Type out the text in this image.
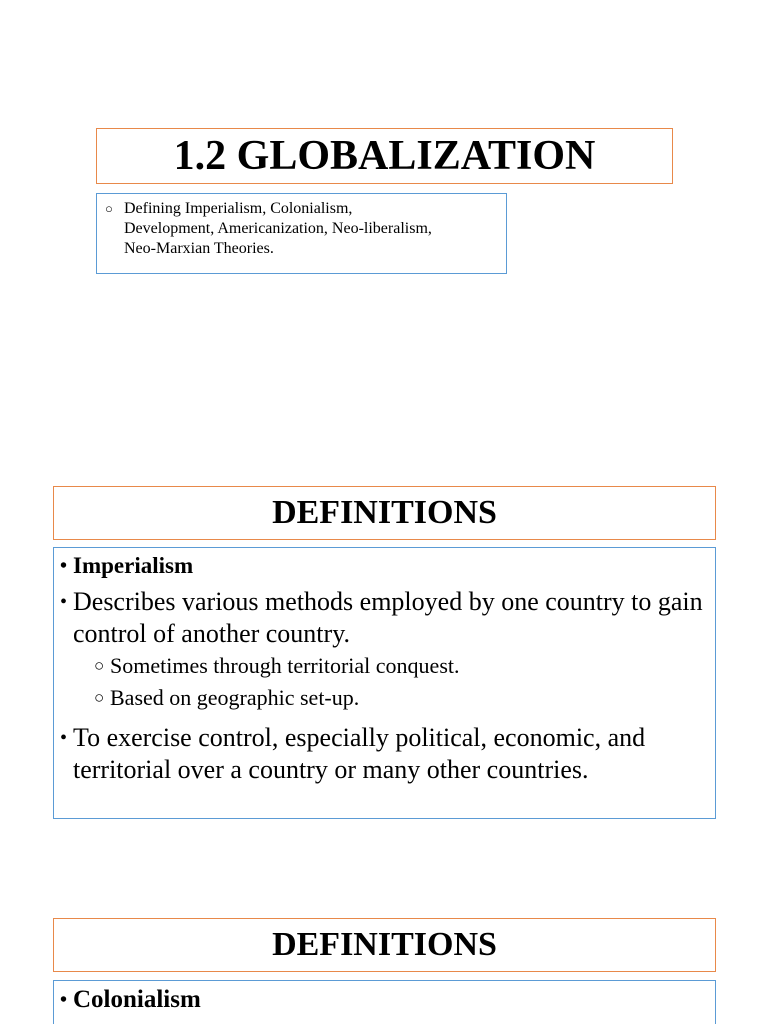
1.2 GLOBALIZATION
○ Defining Imperialism, Colonialism,
Development, Americanization, Neo-liberalism,
Neo-Marxian Theories.
DEFINITIONS
• Imperialism
• Describes various methods employed by one country to gain control of another country.
○ Sometimes through territorial conquest.
○ Based on geographic set-up.
• To exercise control, especially political, economic, and territorial over a country or many other countries.
DEFINITIONS
• Colonialism
